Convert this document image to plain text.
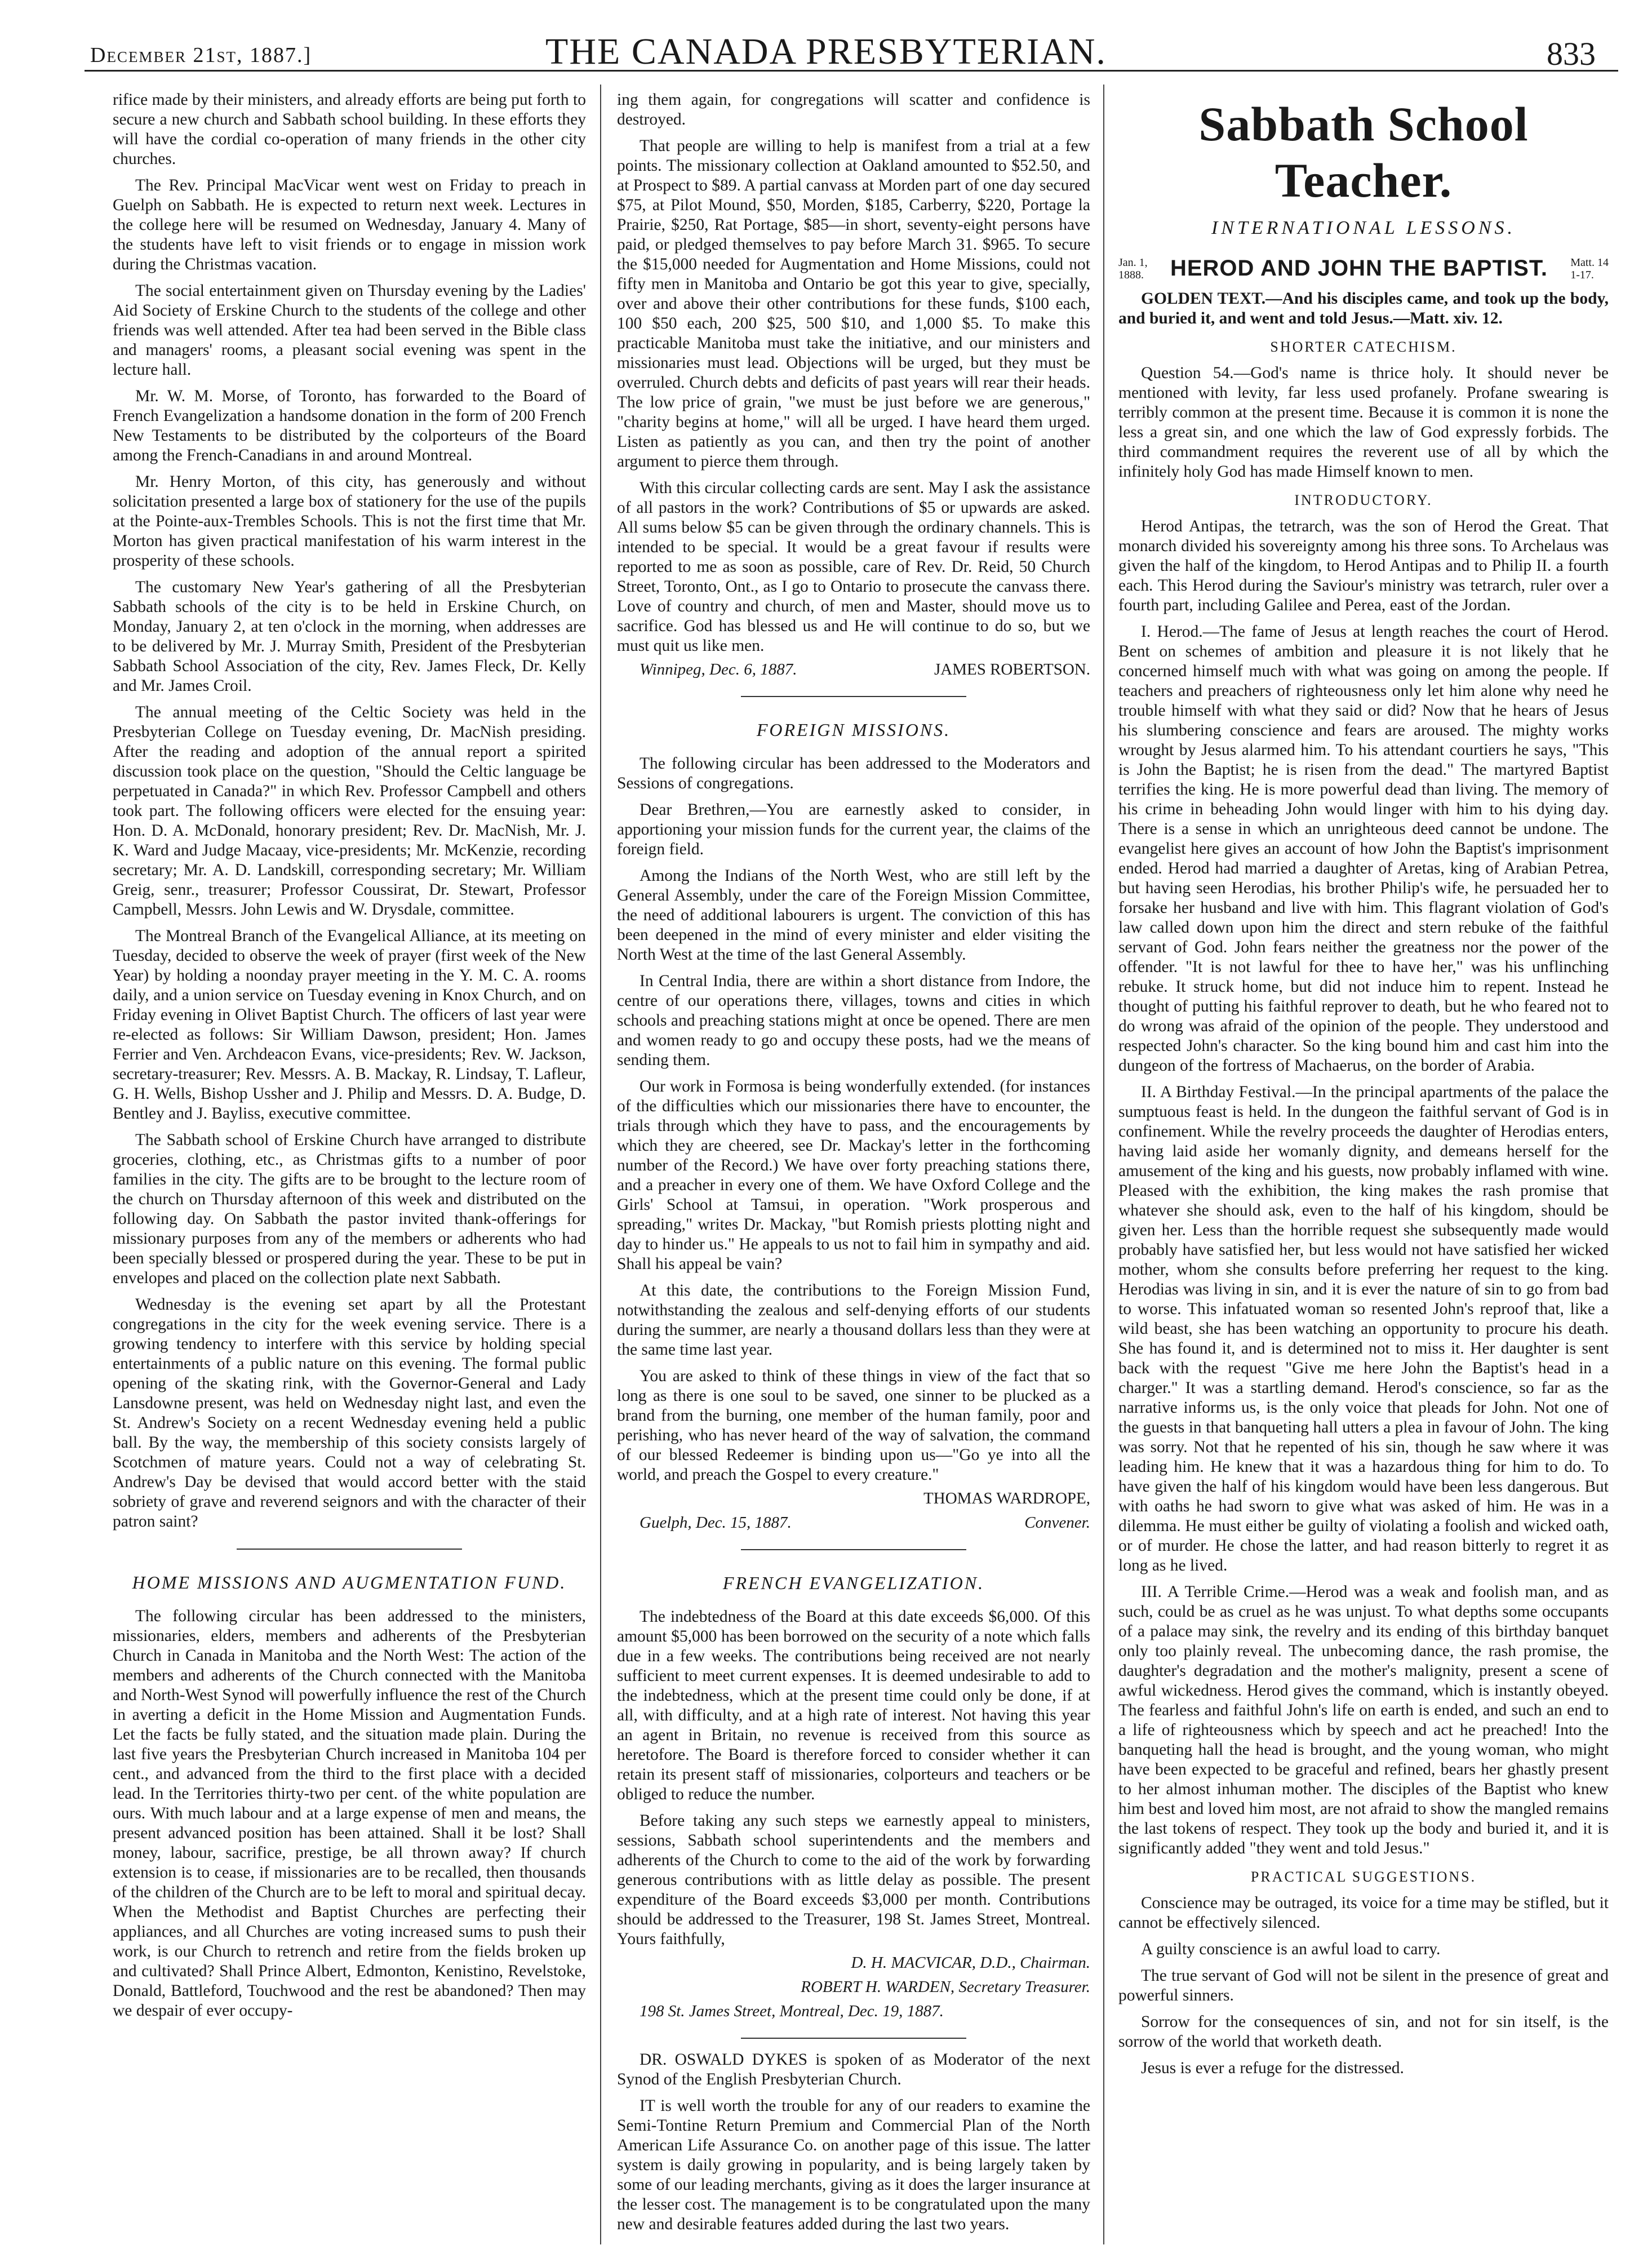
December 21st, 1887.]	THE CANADA PRESBYTERIAN.	833

rifice made by their ministers, and already efforts are being put forth to secure a new church and Sabbath school building. In these efforts they will have the cordial co-operation of many friends in the other city churches.

The Rev. Principal MacVicar went west on Friday to preach in Guelph on Sabbath. He is expected to return next week. Lectures in the college here will be resumed on Wednesday, January 4. Many of the students have left to visit friends or to engage in mission work during the Christmas vacation.

The social entertainment given on Thursday evening by the Ladies' Aid Society of Erskine Church to the students of the college and other friends was well attended. After tea had been served in the Bible class and managers' rooms, a pleasant social evening was spent in the lecture hall.

Mr. W. M. Morse, of Toronto, has forwarded to the Board of French Evangelization a handsome donation in the form of 200 French New Testaments to be distributed by the colporteurs of the Board among the French-Canadians in and around Montreal.

Mr. Henry Morton, of this city, has generously and without solicitation presented a large box of stationery for the use of the pupils at the Pointe-aux-Trembles Schools. This is not the first time that Mr. Morton has given practical manifestation of his warm interest in the prosperity of these schools.

The customary New Year's gathering of all the Presbyterian Sabbath schools of the city is to be held in Erskine Church, on Monday, January 2, at ten o'clock in the morning, when addresses are to be delivered by Mr. J. Murray Smith, President of the Presbyterian Sabbath School Association of the city, Rev. James Fleck, Dr. Kelly and Mr. James Croil.

The annual meeting of the Celtic Society was held in the Presbyterian College on Tuesday evening, Dr. MacNish presiding. After the reading and adoption of the annual report a spirited discussion took place on the question, "Should the Celtic language be perpetuated in Canada?" in which Rev. Professor Campbell and others took part. The following officers were elected for the ensuing year: Hon. D. A. McDonald, honorary president; Rev. Dr. MacNish, Mr. J. K. Ward and Judge Macaay, vice-presidents; Mr. McKenzie, recording secretary; Mr. A. D. Landskill, corresponding secretary; Mr. William Greig, senr., treasurer; Professor Coussirat, Dr. Stewart, Professor Campbell, Messrs. John Lewis and W. Drysdale, committee.

The Montreal Branch of the Evangelical Alliance, at its meeting on Tuesday, decided to observe the week of prayer (first week of the New Year) by holding a noonday prayer meeting in the Y. M. C. A. rooms daily, and a union service on Tuesday evening in Knox Church, and on Friday evening in Olivet Baptist Church. The officers of last year were re-elected as follows: Sir William Dawson, president; Hon. James Ferrier and Ven. Archdeacon Evans, vice-presidents; Rev. W. Jackson, secretary-treasurer; Rev. Messrs. A. B. Mackay, R. Lindsay, T. Lafleur, G. H. Wells, Bishop Ussher and J. Philip and Messrs. D. A. Budge, D. Bentley and J. Bayliss, executive committee.

The Sabbath school of Erskine Church have arranged to distribute groceries, clothing, etc., as Christmas gifts to a number of poor families in the city. The gifts are to be brought to the lecture room of the church on Thursday afternoon of this week and distributed on the following day. On Sabbath the pastor invited thank-offerings for missionary purposes from any of the members or adherents who had been specially blessed or prospered during the year. These to be put in envelopes and placed on the collection plate next Sabbath.

Wednesday is the evening set apart by all the Protestant congregations in the city for the week evening service. There is a growing tendency to interfere with this service by holding special entertainments of a public nature on this evening. The formal public opening of the skating rink, with the Governor-General and Lady Lansdowne present, was held on Wednesday night last, and even the St. Andrew's Society on a recent Wednesday evening held a public ball. By the way, the membership of this society consists largely of Scotchmen of mature years. Could not a way of celebrating St. Andrew's Day be devised that would accord better with the staid sobriety of grave and reverend seignors and with the character of their patron saint?

HOME MISSIONS AND AUGMENTATION FUND.

The following circular has been addressed to the ministers, missionaries, elders, members and adherents of the Presbyterian Church in Canada in Manitoba and the North West: The action of the members and adherents of the Church connected with the Manitoba and North-West Synod will powerfully influence the rest of the Church in averting a deficit in the Home Mission and Augmentation Funds. Let the facts be fully stated, and the situation made plain. During the last five years the Presbyterian Church increased in Manitoba 104 per cent., and advanced from the third to the first place with a decided lead. In the Territories thirty-two per cent. of the white population are ours. With much labour and at a large expense of men and means, the present advanced position has been attained. Shall it be lost? Shall money, labour, sacrifice, prestige, be all thrown away? If church extension is to cease, if missionaries are to be recalled, then thousands of the children of the Church are to be left to moral and spiritual decay. When the Methodist and Baptist Churches are perfecting their appliances, and all Churches are voting increased sums to push their work, is our Church to retrench and retire from the fields broken up and cultivated? Shall Prince Albert, Edmonton, Kenistino, Revelstoke, Donald, Battleford, Touchwood and the rest be abandoned? Then may we despair of ever occupy-

ing them again, for congregations will scatter and confidence is destroyed.

That people are willing to help is manifest from a trial at a few points. The missionary collection at Oakland amounted to $52.50, and at Prospect to $89. A partial canvass at Morden part of one day secured $75, at Pilot Mound, $50, Morden, $185, Carberry, $220, Portage la Prairie, $250, Rat Portage, $85—in short, seventy-eight persons have paid, or pledged themselves to pay before March 31. $965. To secure the $15,000 needed for Augmentation and Home Missions, could not fifty men in Manitoba and Ontario be got this year to give, specially, over and above their other contributions for these funds, $100 each, 100 $50 each, 200 $25, 500 $10, and 1,000 $5. To make this practicable Manitoba must take the initiative, and our ministers and missionaries must lead. Objections will be urged, but they must be overruled. Church debts and deficits of past years will rear their heads. The low price of grain, "we must be just before we are generous," "charity begins at home," will all be urged. I have heard them urged. Listen as patiently as you can, and then try the point of another argument to pierce them through.

With this circular collecting cards are sent. May I ask the assistance of all pastors in the work? Contributions of $5 or upwards are asked. All sums below $5 can be given through the ordinary channels. This is intended to be special. It would be a great favour if results were reported to me as soon as possible, care of Rev. Dr. Reid, 50 Church Street, Toronto, Ont., as I go to Ontario to prosecute the canvass there. Love of country and church, of men and Master, should move us to sacrifice. God has blessed us and He will continue to do so, but we must quit us like men.

Winnipeg, Dec. 6, 1887.	JAMES ROBERTSON.
FOREIGN MISSIONS.

The following circular has been addressed to the Moderators and Sessions of congregations.

Dear Brethren,—You are earnestly asked to consider, in apportioning your mission funds for the current year, the claims of the foreign field.

Among the Indians of the North West, who are still left by the General Assembly, under the care of the Foreign Mission Committee, the need of additional labourers is urgent. The conviction of this has been deepened in the mind of every minister and elder visiting the North West at the time of the last General Assembly.

In Central India, there are within a short distance from Indore, the centre of our operations there, villages, towns and cities in which schools and preaching stations might at once be opened. There are men and women ready to go and occupy these posts, had we the means of sending them.

Our work in Formosa is being wonderfully extended. (for instances of the difficulties which our missionaries there have to encounter, the trials through which they have to pass, and the encouragements by which they are cheered, see Dr. Mackay's letter in the forthcoming number of the Record.) We have over forty preaching stations there, and a preacher in every one of them. We have Oxford College and the Girls' School at Tamsui, in operation. "Work prosperous and spreading," writes Dr. Mackay, "but Romish priests plotting night and day to hinder us." He appeals to us not to fail him in sympathy and aid. Shall his appeal be vain?

At this date, the contributions to the Foreign Mission Fund, notwithstanding the zealous and self-denying efforts of our students during the summer, are nearly a thousand dollars less than they were at the same time last year.

You are asked to think of these things in view of the fact that so long as there is one soul to be saved, one sinner to be plucked as a brand from the burning, one member of the human family, poor and perishing, who has never heard of the way of salvation, the command of our blessed Redeemer is binding upon us—"Go ye into all the world, and preach the Gospel to every creature."

THOMAS WARDROPE,
Guelph, Dec. 15, 1887.	Convener.
FRENCH EVANGELIZATION.

The indebtedness of the Board at this date exceeds $6,000. Of this amount $5,000 has been borrowed on the security of a note which falls due in a few weeks. The contributions being received are not nearly sufficient to meet current expenses. It is deemed undesirable to add to the indebtedness, which at the present time could only be done, if at all, with difficulty, and at a high rate of interest. Not having this year an agent in Britain, no revenue is received from this source as heretofore. The Board is therefore forced to consider whether it can retain its present staff of missionaries, colporteurs and teachers or be obliged to reduce the number.

Before taking any such steps we earnestly appeal to ministers, sessions, Sabbath school superintendents and the members and adherents of the Church to come to the aid of the work by forwarding generous contributions with as little delay as possible. The present expenditure of the Board exceeds $3,000 per month. Contributions should be addressed to the Treasurer, 198 St. James Street, Montreal. Yours faithfully,

D. H. MACVICAR, D.D., Chairman.
ROBERT H. WARDEN, Secretary Treasurer.
198 St. James Street, Montreal, Dec. 19, 1887.

DR. OSWALD DYKES is spoken of as Moderator of the next Synod of the English Presbyterian Church.

IT is well worth the trouble for any of our readers to examine the Semi-Tontine Return Premium and Commercial Plan of the North American Life Assurance Co. on another page of this issue. The latter system is daily growing in popularity, and is being largely taken by some of our leading merchants, giving as it does the larger insurance at the lesser cost. The management is to be congratulated upon the many new and desirable features added during the last two years.

Sabbath School Teacher.
INTERNATIONAL LESSONS.
Jan. 1,
1888. HEROD AND JOHN THE BAPTIST. Matt. 14
1-17.

GOLDEN TEXT.—And his disciples came, and took up the body, and buried it, and went and told Jesus.—Matt. xiv. 12.

SHORTER CATECHISM.

Question 54.—God's name is thrice holy. It should never be mentioned with levity, far less used profanely. Profane swearing is terribly common at the present time. Because it is common it is none the less a great sin, and one which the law of God expressly forbids. The third commandment requires the reverent use of all by which the infinitely holy God has made Himself known to men.

INTRODUCTORY.

Herod Antipas, the tetrarch, was the son of Herod the Great. That monarch divided his sovereignty among his three sons. To Archelaus was given the half of the kingdom, to Herod Antipas and to Philip II. a fourth each. This Herod during the Saviour's ministry was tetrarch, ruler over a fourth part, including Galilee and Perea, east of the Jordan.

I. Herod.—The fame of Jesus at length reaches the court of Herod. Bent on schemes of ambition and pleasure it is not likely that he concerned himself much with what was going on among the people. If teachers and preachers of righteousness only let him alone why need he trouble himself with what they said or did? Now that he hears of Jesus his slumbering conscience and fears are aroused. The mighty works wrought by Jesus alarmed him. To his attendant courtiers he says, "This is John the Baptist; he is risen from the dead." The martyred Baptist terrifies the king. He is more powerful dead than living. The memory of his crime in beheading John would linger with him to his dying day. There is a sense in which an unrighteous deed cannot be undone. The evangelist here gives an account of how John the Baptist's imprisonment ended. Herod had married a daughter of Aretas, king of Arabian Petrea, but having seen Herodias, his brother Philip's wife, he persuaded her to forsake her husband and live with him. This flagrant violation of God's law called down upon him the direct and stern rebuke of the faithful servant of God. John fears neither the greatness nor the power of the offender. "It is not lawful for thee to have her," was his unflinching rebuke. It struck home, but did not induce him to repent. Instead he thought of putting his faithful reprover to death, but he who feared not to do wrong was afraid of the opinion of the people. They understood and respected John's character. So the king bound him and cast him into the dungeon of the fortress of Machaerus, on the border of Arabia.

II. A Birthday Festival.—In the principal apartments of the palace the sumptuous feast is held. In the dungeon the faithful servant of God is in confinement. While the revelry proceeds the daughter of Herodias enters, having laid aside her womanly dignity, and demeans herself for the amusement of the king and his guests, now probably inflamed with wine. Pleased with the exhibition, the king makes the rash promise that whatever she should ask, even to the half of his kingdom, should be given her. Less than the horrible request she subsequently made would probably have satisfied her, but less would not have satisfied her wicked mother, whom she consults before preferring her request to the king. Herodias was living in sin, and it is ever the nature of sin to go from bad to worse. This infatuated woman so resented John's reproof that, like a wild beast, she has been watching an opportunity to procure his death. She has found it, and is determined not to miss it. Her daughter is sent back with the request "Give me here John the Baptist's head in a charger." It was a startling demand. Herod's conscience, so far as the narrative informs us, is the only voice that pleads for John. Not one of the guests in that banqueting hall utters a plea in favour of John. The king was sorry. Not that he repented of his sin, though he saw where it was leading him. He knew that it was a hazardous thing for him to do. To have given the half of his kingdom would have been less dangerous. But with oaths he had sworn to give what was asked of him. He was in a dilemma. He must either be guilty of violating a foolish and wicked oath, or of murder. He chose the latter, and had reason bitterly to regret it as long as he lived.

III. A Terrible Crime.—Herod was a weak and foolish man, and as such, could be as cruel as he was unjust. To what depths some occupants of a palace may sink, the revelry and its ending of this birthday banquet only too plainly reveal. The unbecoming dance, the rash promise, the daughter's degradation and the mother's malignity, present a scene of awful wickedness. Herod gives the command, which is instantly obeyed. The fearless and faithful John's life on earth is ended, and such an end to a life of righteousness which by speech and act he preached! Into the banqueting hall the head is brought, and the young woman, who might have been expected to be graceful and refined, bears her ghastly present to her almost inhuman mother. The disciples of the Baptist who knew him best and loved him most, are not afraid to show the mangled remains the last tokens of respect. They took up the body and buried it, and it is significantly added "they went and told Jesus."

PRACTICAL SUGGESTIONS.

Conscience may be outraged, its voice for a time may be stifled, but it cannot be effectively silenced.

A guilty conscience is an awful load to carry.

The true servant of God will not be silent in the presence of great and powerful sinners.

Sorrow for the consequences of sin, and not for sin itself, is the sorrow of the world that worketh death.

Jesus is ever a refuge for the distressed.
